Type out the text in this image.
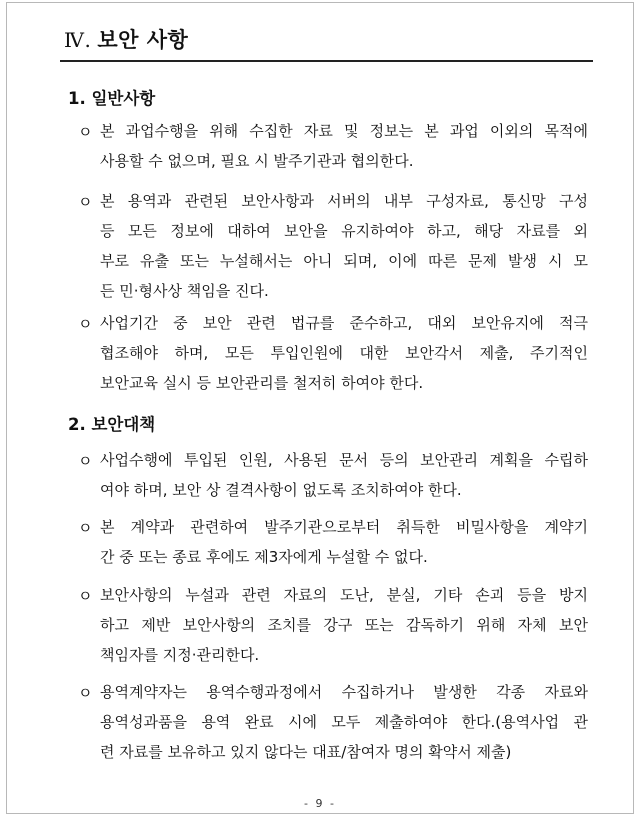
Ⅳ. 보안 사항
1. 일반사항
ㅇ 본 과업수행을 위해 수집한 자료 및 정보는 본 과업 이외의 목적에
사용할 수 없으며, 필요 시 발주기관과 협의한다.
ㅇ 본 용역과 관련된 보안사항과 서버의 내부 구성자료, 통신망 구성
등 모든 정보에 대하여 보안을 유지하여야 하고, 해당 자료를 외
부로 유출 또는 누설해서는 아니 되며, 이에 따른 문제 발생 시 모
든 민·형사상 책임을 진다.
ㅇ 사업기간 중 보안 관련 법규를 준수하고, 대외 보안유지에 적극
협조해야 하며, 모든 투입인원에 대한 보안각서 제출, 주기적인
보안교육 실시 등 보안관리를 철저히 하여야 한다.
2. 보안대책
ㅇ 사업수행에 투입된 인원, 사용된 문서 등의 보안관리 계획을 수립하
여야 하며, 보안 상 결격사항이 없도록 조치하여야 한다.
ㅇ 본 계약과 관련하여 발주기관으로부터 취득한 비밀사항을 계약기
간 중 또는 종료 후에도 제3자에게 누설할 수 없다.
ㅇ 보안사항의 누설과 관련 자료의 도난, 분실, 기타 손괴 등을 방지
하고 제반 보안사항의 조치를 강구 또는 감독하기 위해 자체 보안
책임자를 지정·관리한다.
ㅇ 용역계약자는 용역수행과정에서 수집하거나 발생한 각종 자료와
용역성과품을 용역 완료 시에 모두 제출하여야 한다.(용역사업 관
련 자료를 보유하고 있지 않다는 대표/참여자 명의 확약서 제출)
- 9 -
